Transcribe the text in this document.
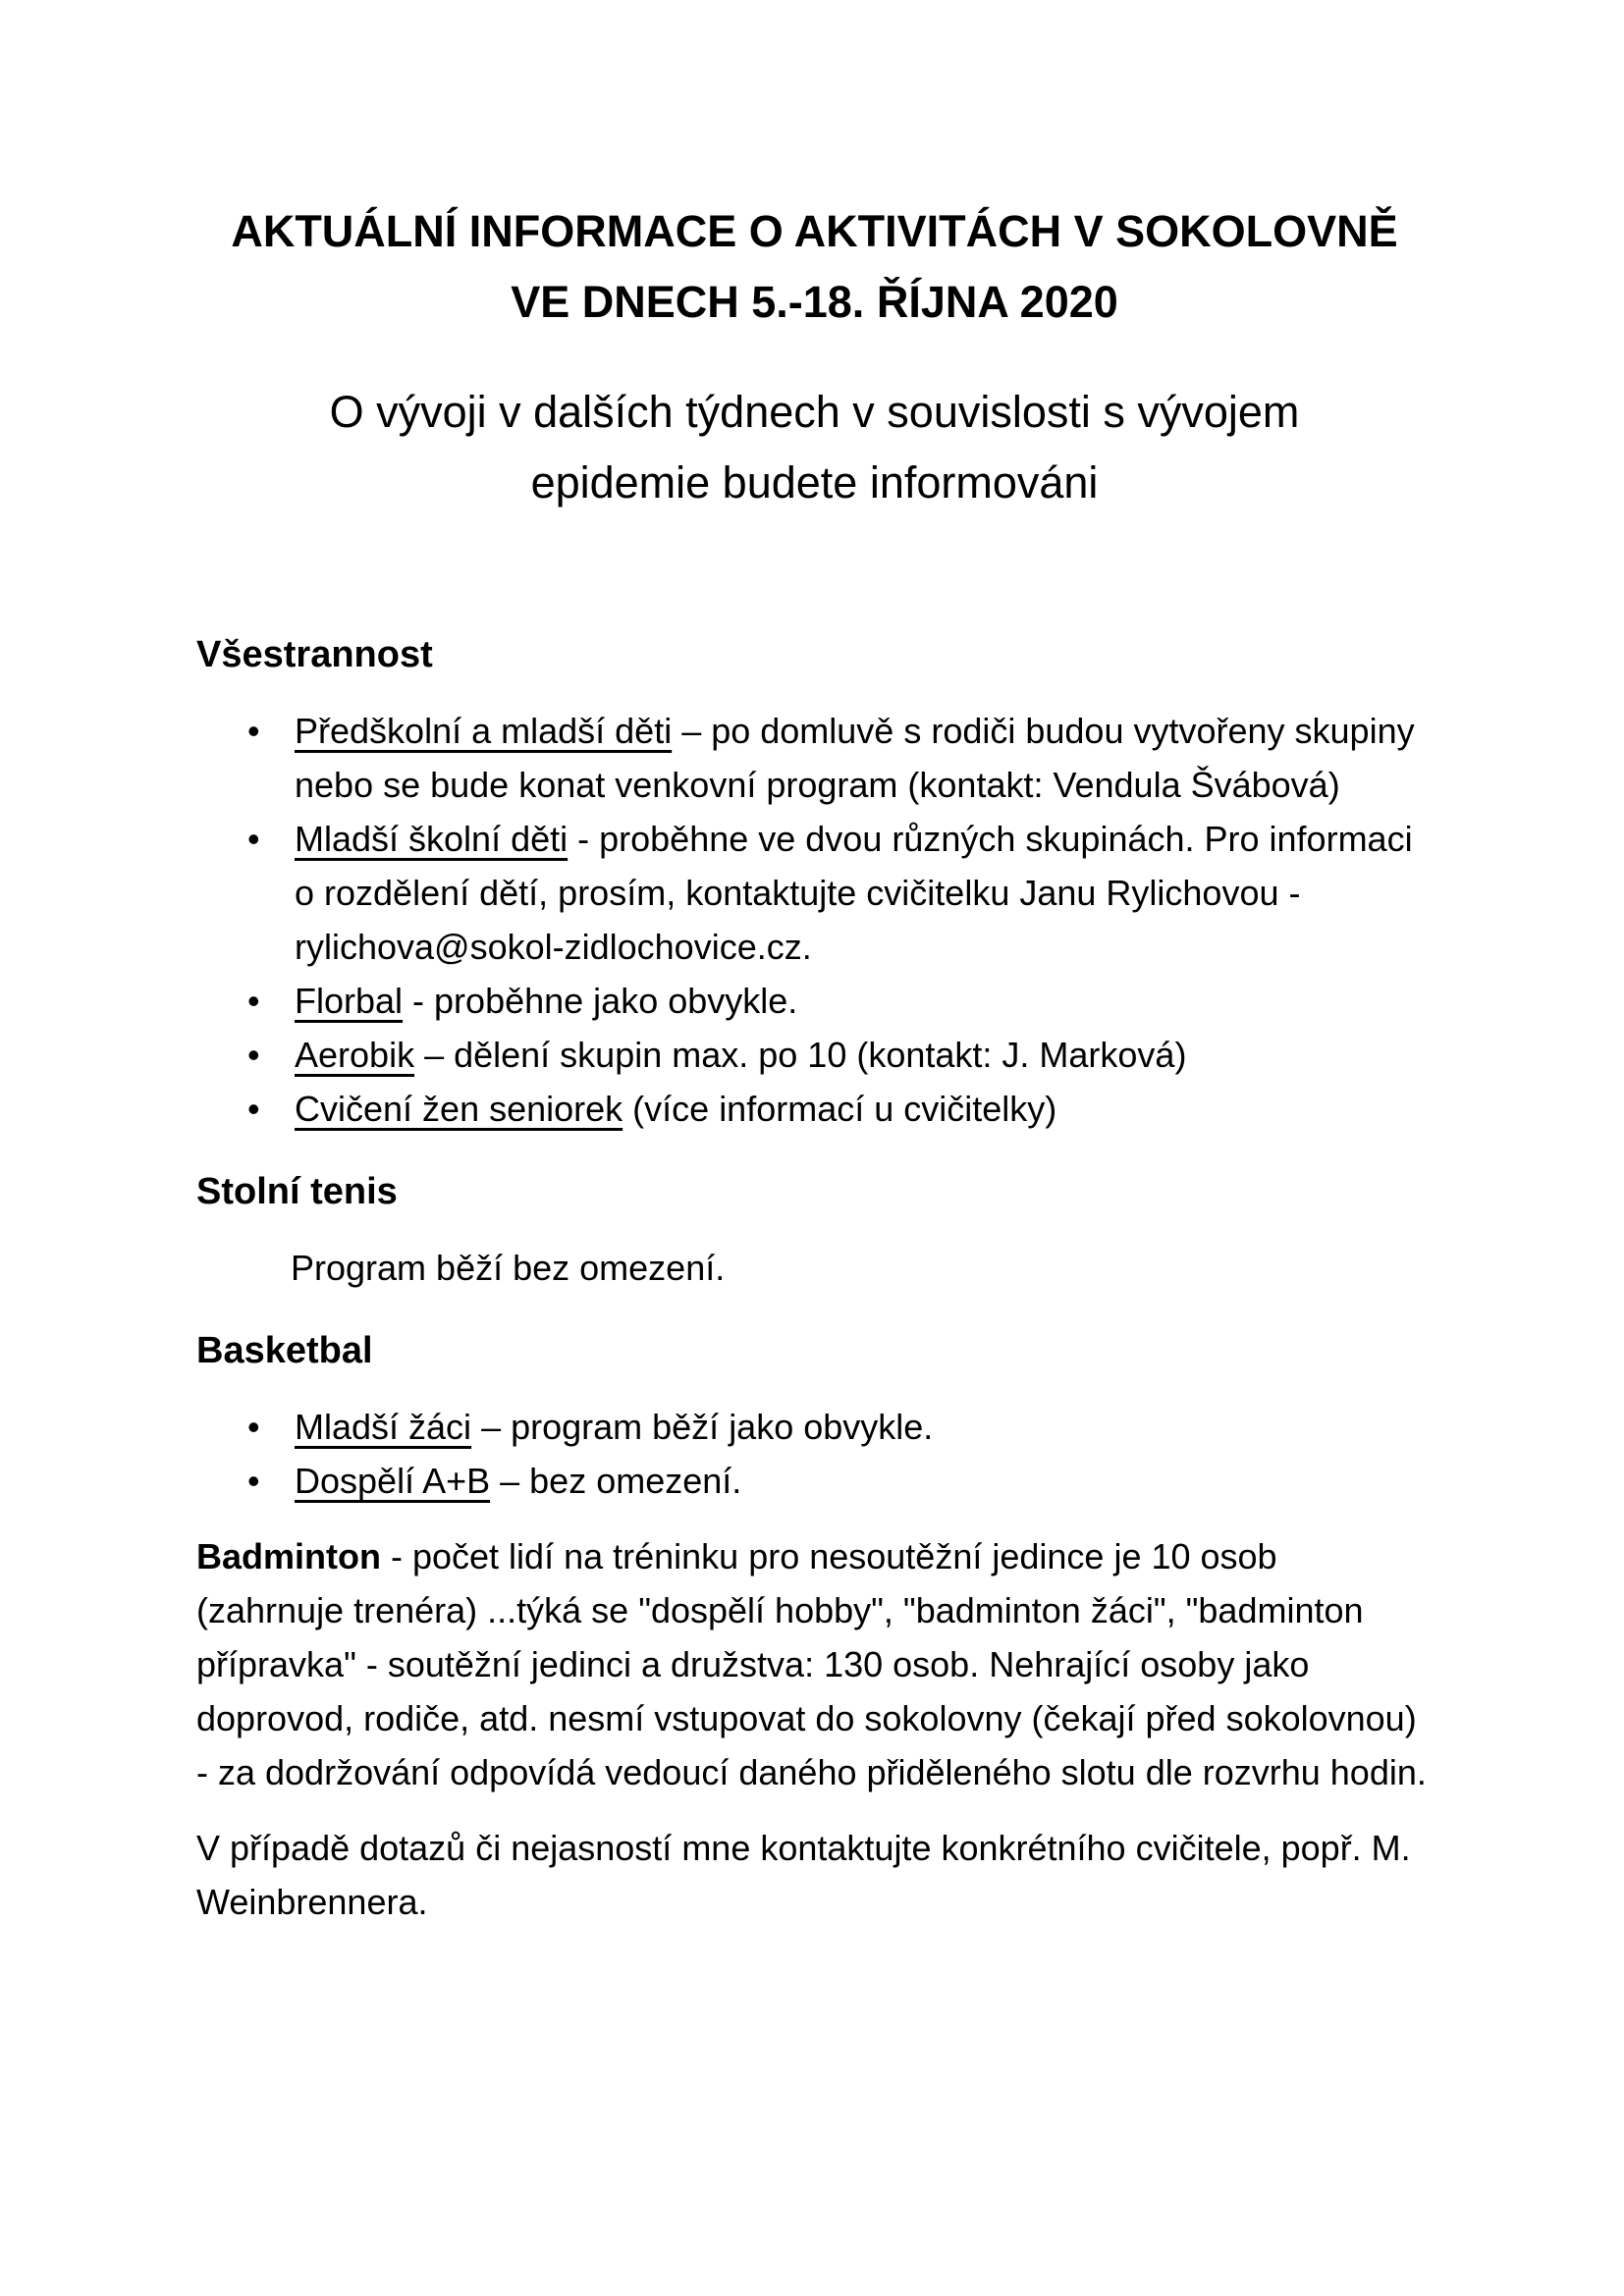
AKTUÁLNÍ INFORMACE O AKTIVITÁCH V SOKOLOVNĚ
VE DNECH 5.-18. ŘÍJNA 2020
O vývoji v dalších týdnech v souvislosti s vývojem
epidemie budete informováni
Všestrannost
• Předškolní a mladší děti – po domluvě s rodiči budou vytvořeny skupiny nebo se bude konat venkovní program (kontakt: Vendula Švábová)
• Mladší školní děti - proběhne ve dvou různých skupinách. Pro informaci o rozdělení dětí, prosím, kontaktujte cvičitelku Janu Rylichovou - rylichova@sokol-zidlochovice.cz.
• Florbal - proběhne jako obvykle.
• Aerobik – dělení skupin max. po 10 (kontakt: J. Marková)
• Cvičení žen seniorek (více informací u cvičitelky)
Stolní tenis

Program běží bez omezení.

Basketbal
• Mladší žáci – program běží jako obvykle.
• Dospělí A+B – bez omezení.

Badminton - počet lidí na tréninku pro nesoutěžní jedince je 10 osob (zahrnuje trenéra) ...týká se "dospělí hobby", "badminton žáci", "badminton přípravka" - soutěžní jedinci a družstva: 130 osob. Nehrající osoby jako doprovod, rodiče, atd. nesmí vstupovat do sokolovny (čekají před sokolovnou) - za dodržování odpovídá vedoucí daného přiděleného slotu dle rozvrhu hodin.

V případě dotazů či nejasností mne kontaktujte konkrétního cvičitele, popř. M. Weinbrennera.
